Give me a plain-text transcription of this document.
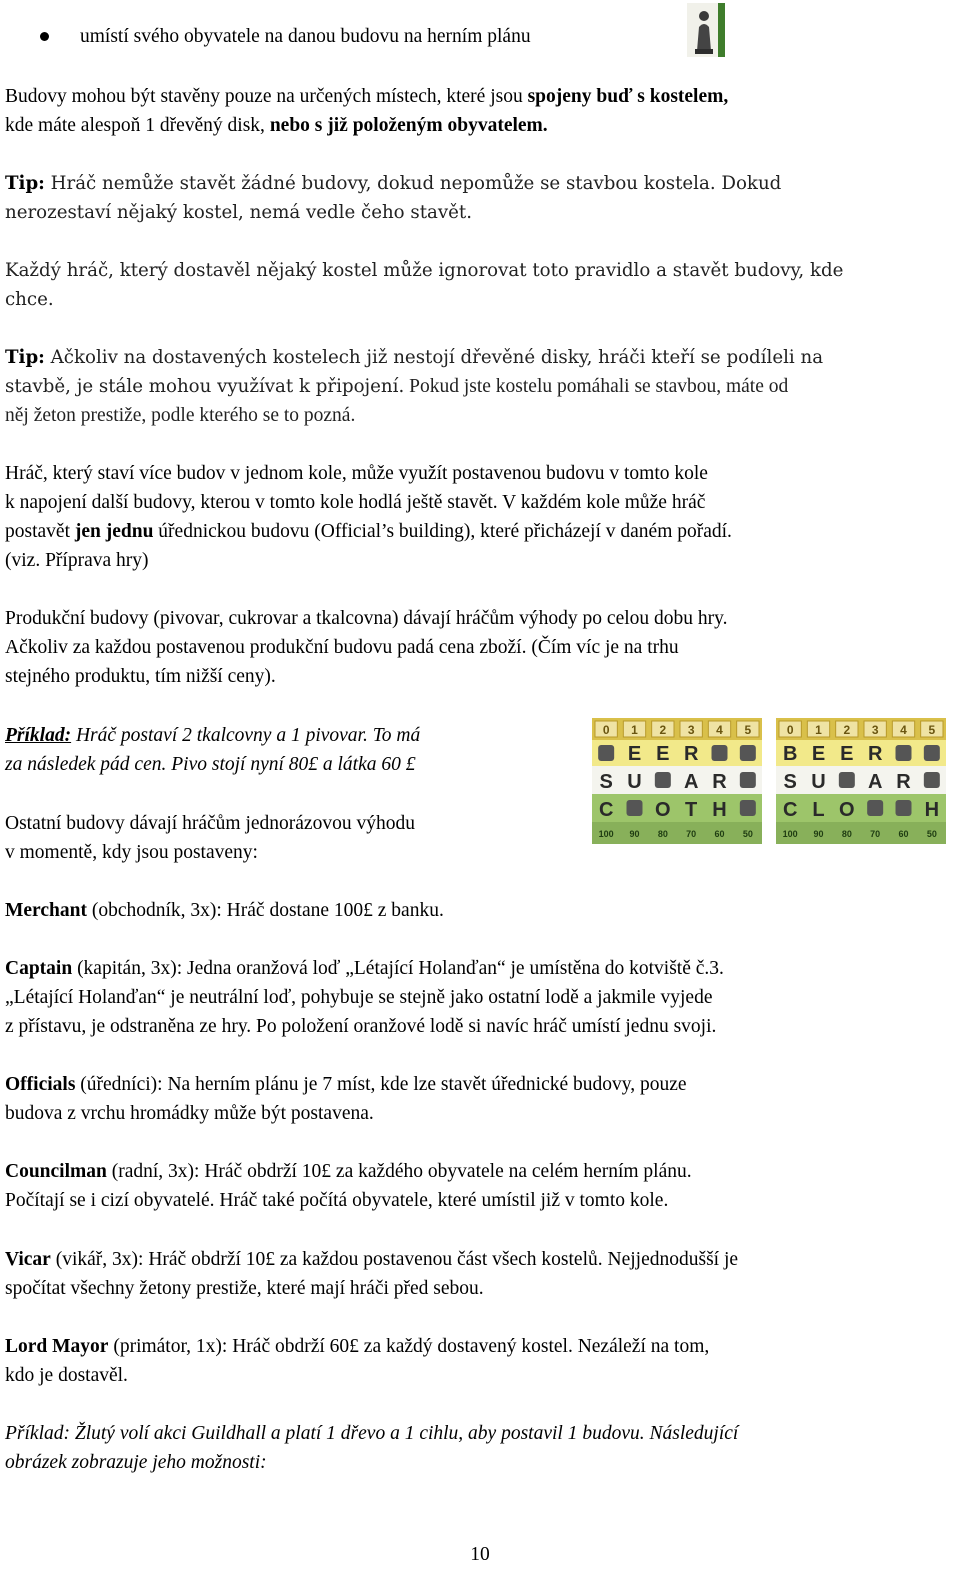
umístí svého obyvatele na danou budovu na herním plánu
Budovy mohou být stavěny pouze na určených místech, které jsou spojeny buď s kostelem,
kde máte alespoň 1 dřevěný disk, nebo s již položeným obyvatelem.
Tip: Hráč nemůže stavět žádné budovy, dokud nepomůže se stavbou kostela. Dokud
nerozestaví nějaký kostel, nemá vedle čeho stavět.
Každý hráč, který dostavěl nějaký kostel může ignorovat toto pravidlo a stavět budovy, kde
chce.
Tip: Ačkoliv na dostavených kostelech již nestojí dřevěné disky, hráči kteří se podíleli na
stavbě, je stále mohou využívat k připojení. Pokud jste kostelu pomáhali se stavbou, máte od
něj žeton prestiže, podle kterého se to pozná.
Hráč, který staví více budov v jednom kole, může využít postavenou budovu v tomto kole
k napojení další budovy, kterou v tomto kole hodlá ještě stavět. V každém kole může hráč
postavět jen jednu úřednickou budovu (Official’s building), které přicházejí v daném pořadí.
(viz. Příprava hry)
Produkční budovy (pivovar, cukrovar a tkalcovna) dávají hráčům výhody po celou dobu hry.
Ačkoliv za každou postavenou produkční budovu padá cena zboží. (Čím víc je na trhu
stejného produktu, tím nižší ceny).
Příklad: Hráč postaví 2 tkalcovny a 1 pivovar. To má
za následek pád cen. Pivo stojí nyní 80£ a látka 60 £
Ostatní budovy dávají hráčům jednorázovou výhodu
v momentě, kdy jsou postaveny:
0
100
1
90
2
80
3
70
4
60
5
50
E E R
S U A R
C O T H
0
100
1
90
2
80
3
70
4
60
5
50
B E E R
S U A R
C L O	H
Merchant (obchodník, 3x): Hráč dostane 100£ z banku.
Captain (kapitán, 3x): Jedna oranžová loď „Létající Holanďan“ je umístěna do kotviště č.3.
„Létající Holanďan“ je neutrální loď, pohybuje se stejně jako ostatní lodě a jakmile vyjede
z přístavu, je odstraněna ze hry. Po položení oranžové lodě si navíc hráč umístí jednu svoji.
Officials (úředníci): Na herním plánu je 7 míst, kde lze stavět úřednické budovy, pouze
budova z vrchu hromádky může být postavena.
Councilman (radní, 3x): Hráč obdrží 10£ za každého obyvatele na celém herním plánu.
Počítají se i cizí obyvatelé. Hráč také počítá obyvatele, které umístil již v tomto kole.
Vicar (vikář, 3x): Hráč obdrží 10£ za každou postavenou část všech kostelů. Nejjednodušší je
spočítat všechny žetony prestiže, které mají hráči před sebou.
Lord Mayor (primátor, 1x): Hráč obdrží 60£ za každý dostavený kostel. Nezáleží na tom,
kdo je dostavěl.
Příklad: Žlutý volí akci Guildhall a platí 1 dřevo a 1 cihlu, aby postavil 1 budovu. Následující
obrázek zobrazuje jeho možnosti:
10
